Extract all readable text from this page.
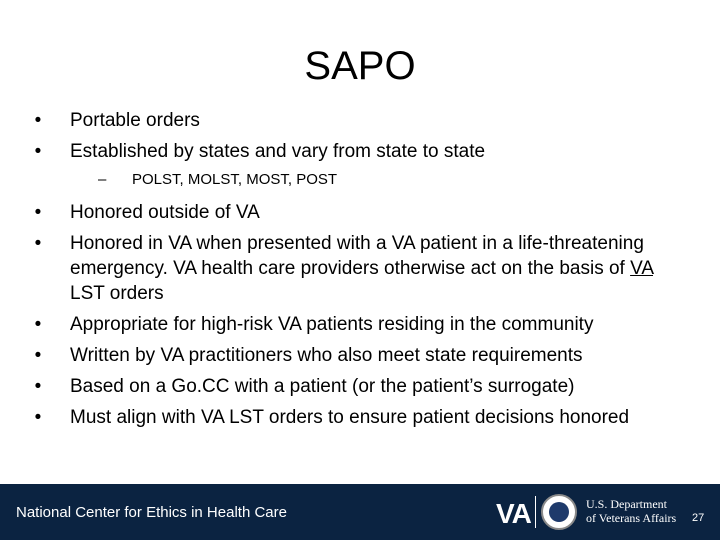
SAPO
•	Portable orders
•	Established by states and vary from state to state
– POLST, MOLST, MOST, POST
•	Honored outside of VA
•	Honored in VA when presented with a VA patient in a life-threatening emergency. VA health care providers otherwise act on the basis of VA LST orders
•	Appropriate for high-risk VA patients residing in the community
•	Written by VA practitioners who also meet state requirements
•	Based on a Go.CC with a patient (or the patient’s surrogate)
•	Must align with VA LST orders to ensure patient decisions honored
National Center for Ethics in Health Care	VA	U.S. Department
of Veterans Affairs 27
